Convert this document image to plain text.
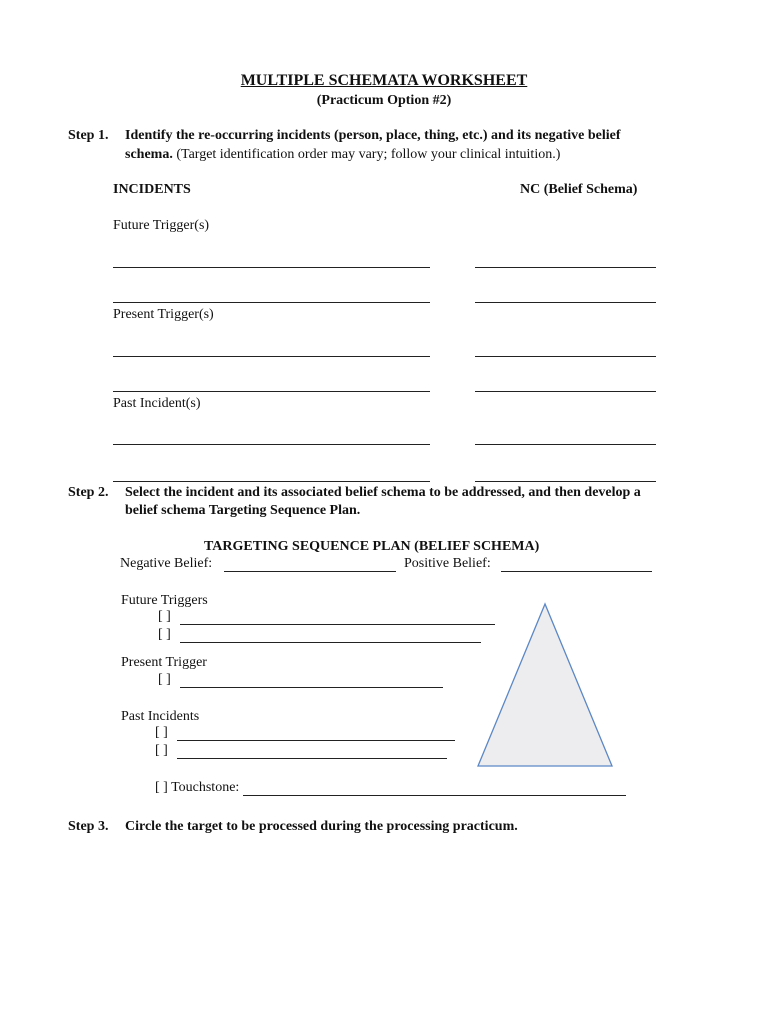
MULTIPLE SCHEMATA WORKSHEET
(Practicum Option #2)
Step 1. Identify the re-occurring incidents (person, place, thing, etc.) and its negative belief
schema. (Target identification order may vary; follow your clinical intuition.)
INCIDENTS	NC (Belief Schema)
Future Trigger(s)
Present Trigger(s)
Past Incident(s)
Step 2. Select the incident and its associated belief schema to be addressed, and then develop a
belief schema Targeting Sequence Plan.
TARGETING SEQUENCE PLAN (BELIEF SCHEMA)
Negative Belief:	Positive Belief:
Future Triggers
[ ]
[ ]
Present Trigger
[ ]
Past Incidents
[ ]
[ ]
[ ] Touchstone:
Step 3. Circle the target to be processed during the processing practicum.
